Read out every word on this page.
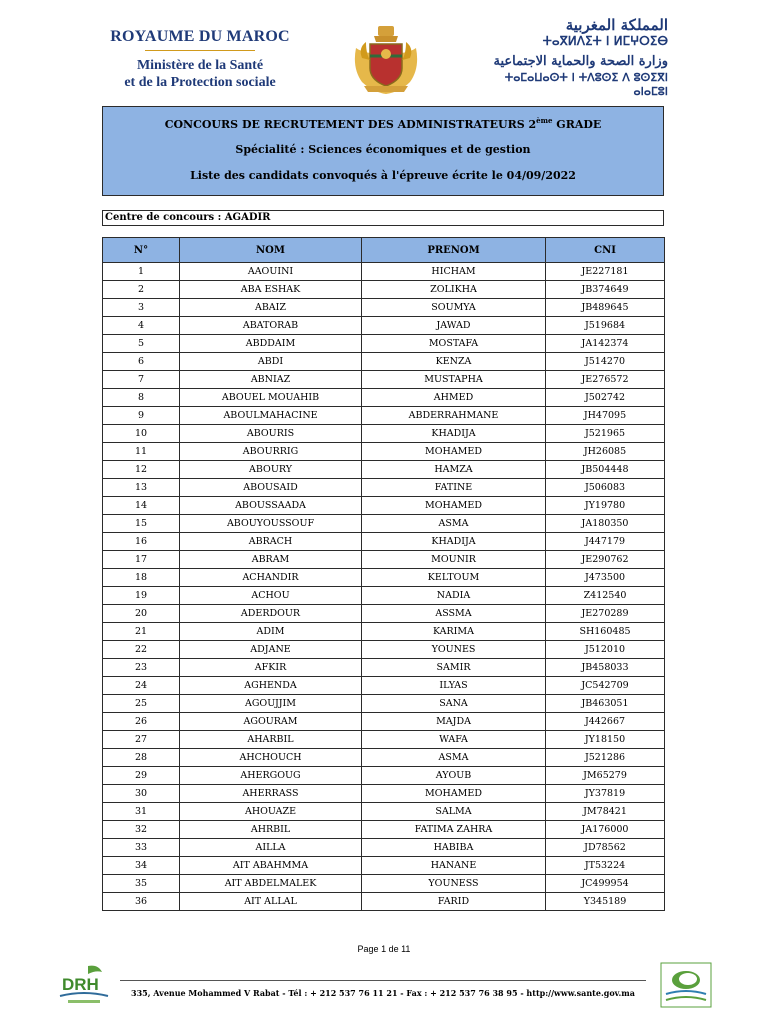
ROYAUME DU MAROC
Ministère de la Santé
et de la Protection sociale
المملكة المغربية
ⵜⴰⴳⵍⴷⵉⵜ ⵏ ⵍⵎⵖⵔⵉⴱ
وزارة الصحة والحماية الاجتماعية
ⵜⴰⵎⴰⵡⴰⵙⵜ ⵏ ⵜⴷⵓⵙⵉ ⴷ ⵓⵙⵉⴳⵏ ⴰⵏⴰⵎⵓⵏ
CONCOURS DE RECRUTEMENT DES ADMINISTRATEURS 2ème GRADE
Spécialité : Sciences économiques et de gestion
Liste des candidats convoqués à l'épreuve écrite le 04/09/2022
Centre de concours : AGADIR
N°	NOM	PRENOM	CNI
1	AAOUINI	HICHAM	JE227181
2	ABA ESHAK	ZOLIKHA	JB374649
3	ABAIZ	SOUMYA	JB489645
4	ABATORAB	JAWAD	J519684
5	ABDDAIM	MOSTAFA	JA142374
6	ABDI	KENZA	J514270
7	ABNIAZ	MUSTAPHA	JE276572
8	ABOUEL MOUAHIB	AHMED	J502742
9	ABOULMAHACINE	ABDERRAHMANE	JH47095
10	ABOURIS	KHADIJA	J521965
11	ABOURRIG	MOHAMED	JH26085
12	ABOURY	HAMZA	JB504448
13	ABOUSAID	FATINE	J506083
14	ABOUSSAADA	MOHAMED	JY19780
15	ABOUYOUSSOUF	ASMA	JA180350
16	ABRACH	KHADIJA	J447179
17	ABRAM	MOUNIR	JE290762
18	ACHANDIR	KELTOUM	J473500
19	ACHOU	NADIA	Z412540
20	ADERDOUR	ASSMA	JE270289
21	ADIM	KARIMA	SH160485
22	ADJANE	YOUNES	J512010
23	AFKIR	SAMIR	JB458033
24	AGHENDA	ILYAS	JC542709
25	AGOUJJIM	SANA	JB463051
26	AGOURAM	MAJDA	J442667
27	AHARBIL	WAFA	JY18150
28	AHCHOUCH	ASMA	J521286
29	AHERGOUG	AYOUB	JM65279
30	AHERRASS	MOHAMED	JY37819
31	AHOUAZE	SALMA	JM78421
32	AHRBIL	FATIMA ZAHRA	JA176000
33	AILLA	HABIBA	JD78562
34	AIT ABAHMMA	HANANE	JT53224
35	AIT ABDELMALEK	YOUNESS	JC499954
36	AIT ALLAL	FARID	Y345189
Page 1 de 11
DRH	335, Avenue Mohammed V Rabat - Tél : + 212 537 76 11 21 - Fax : + 212 537 76 38 95 - http://www.sante.gov.ma
